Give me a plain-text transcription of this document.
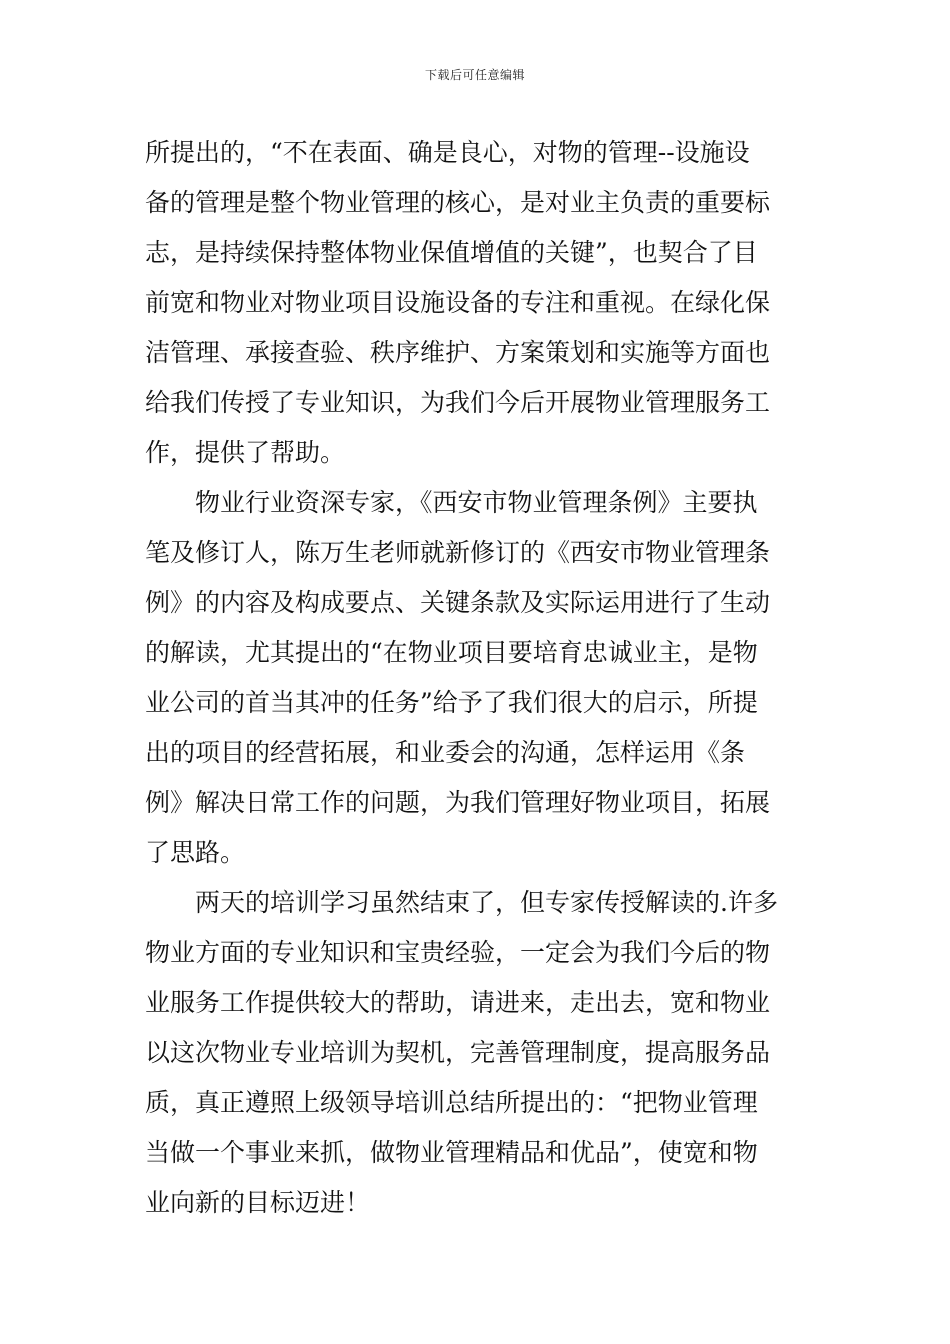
下载后可任意编辑
所提出的，“不在表面、确是良心，对物的管理--设施设
备的管理是整个物业管理的核心，是对业主负责的重要标
志，是持续保持整体物业保值增值的关键”，也契合了目
前宽和物业对物业项目设施设备的专注和重视。在绿化保
洁管理、承接查验、秩序维护、方案策划和实施等方面也
给我们传授了专业知识，为我们今后开展物业管理服务工
作，提供了帮助。
物业行业资深专家，《西安市物业管理条例》主要执
笔及修订人，陈万生老师就新修订的《西安市物业管理条
例》的内容及构成要点、关键条款及实际运用进行了生动
的解读，尤其提出的“在物业项目要培育忠诚业主，是物
业公司的首当其冲的任务”给予了我们很大的启示，所提
出的项目的经营拓展，和业委会的沟通，怎样运用《条
例》解决日常工作的问题，为我们管理好物业项目，拓展
了思路。
两天的培训学习虽然结束了，但专家传授解读的.许多
物业方面的专业知识和宝贵经验，一定会为我们今后的物
业服务工作提供较大的帮助，请进来，走出去，宽和物业
以这次物业专业培训为契机，完善管理制度，提高服务品
质，真正遵照上级领导培训总结所提出的：“把物业管理
当做一个事业来抓，做物业管理精品和优品”，使宽和物
业向新的目标迈进！
